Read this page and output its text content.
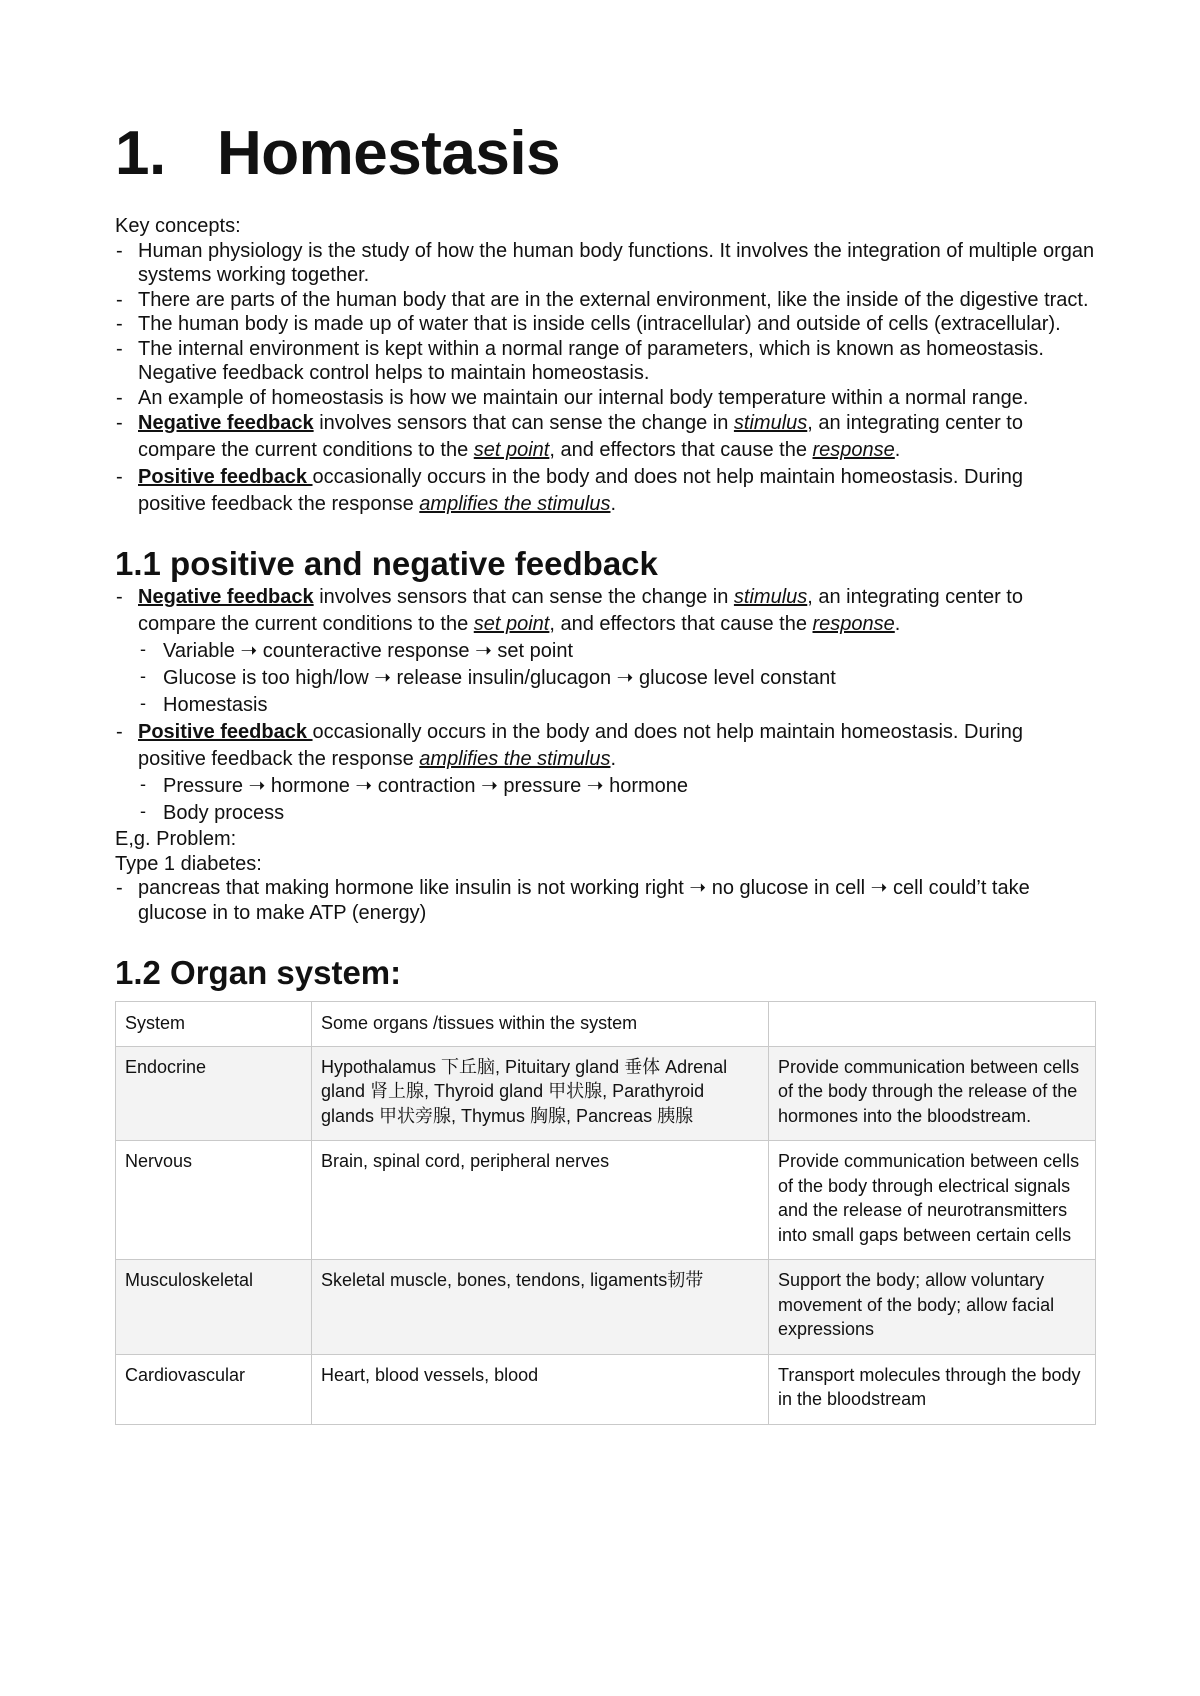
1. Homestasis
Key concepts:
- Human physiology is the study of how the human body functions. It involves the integration of multiple organ systems working together.
- There are parts of the human body that are in the external environment, like the inside of the digestive tract.
- The human body is made up of water that is inside cells (intracellular) and outside of cells (extracellular).
- The internal environment is kept within a normal range of parameters, which is known as homeostasis. Negative feedback control helps to maintain homeostasis.
- An example of homeostasis is how we maintain our internal body temperature within a normal range.
- Negative feedback involves sensors that can sense the change in stimulus, an integrating center to compare the current conditions to the set point, and effectors that cause the response.
- Positive feedback occasionally occurs in the body and does not help maintain homeostasis. During positive feedback the response amplifies the stimulus.
1.1 positive and negative feedback
- Negative feedback involves sensors that can sense the change in stimulus, an integrating center to compare the current conditions to the set point, and effectors that cause the response.
- Variable ➝ counteractive response ➝ set point
- Glucose is too high/low ➝ release insulin/glucagon ➝ glucose level constant
- Homestasis
- Positive feedback occasionally occurs in the body and does not help maintain homeostasis. During positive feedback the response amplifies the stimulus.
- Pressure ➝ hormone ➝ contraction ➝ pressure ➝ hormone
- Body process
E,g. Problem:
Type 1 diabetes:
- pancreas that making hormone like insulin is not working right ➝ no glucose in cell ➝ cell could’t take glucose in to make ATP (energy)
1.2 Organ system:
System	Some organs /tissues within the system	
Endocrine	Hypothalamus 下丘脑, Pituitary gland 垂体 Adrenal gland 肾上腺, Thyroid gland 甲状腺, Parathyroid glands 甲状旁腺, Thymus 胸腺, Pancreas 胰腺	Provide communication between cells of the body through the release of the hormones into the bloodstream.
Nervous	Brain, spinal cord, peripheral nerves	Provide communication between cells of the body through electrical signals and the release of neurotransmitters into small gaps between certain cells
Musculoskeletal	Skeletal muscle, bones, tendons, ligaments韧带	Support the body; allow voluntary movement of the body; allow facial expressions
Cardiovascular	Heart, blood vessels, blood	Transport molecules through the body in the bloodstream
